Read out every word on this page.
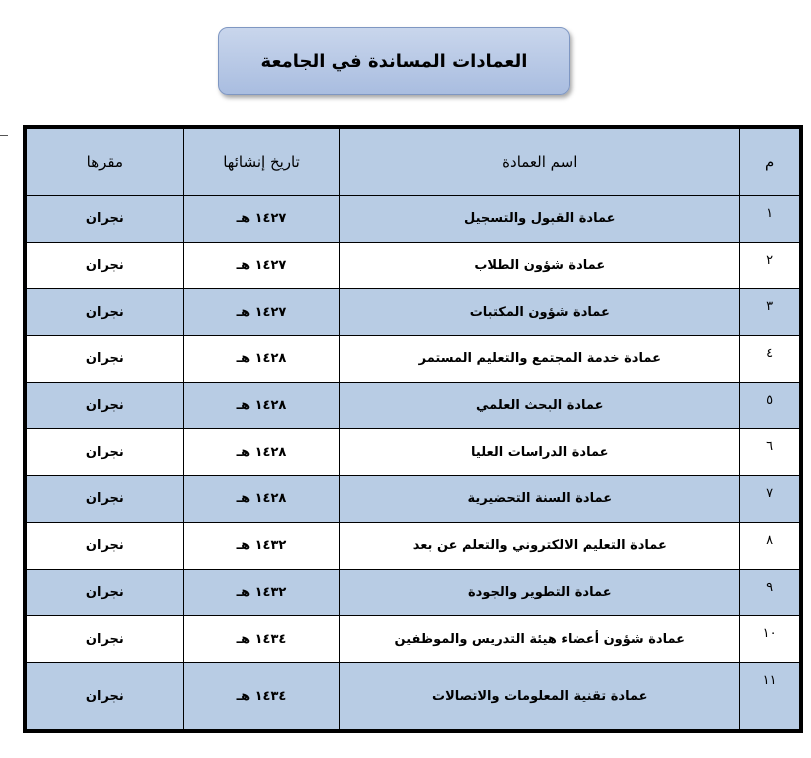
العمادات المساندة في الجامعة
م	اسم العمادة	تاريخ إنشائها	مقرها
١	عمادة القبول والتسجيل	١٤٢٧ هـ	نجران
٢	عمادة شؤون الطلاب	١٤٢٧ هـ	نجران
٣	عمادة شؤون المكتبات	١٤٢٧ هـ	نجران
٤	عمادة خدمة المجتمع والتعليم المستمر	١٤٢٨ هـ	نجران
٥	عمادة البحث العلمي	١٤٢٨ هـ	نجران
٦	عمادة الدراسات العليا	١٤٢٨ هـ	نجران
٧	عمادة السنة التحضيرية	١٤٢٨ هـ	نجران
٨	عمادة التعليم الالكتروني والتعلم عن بعد	١٤٣٢ هـ	نجران
٩	عمادة التطوير والجودة	١٤٣٢ هـ	نجران
١٠	عمادة شؤون أعضاء هيئة التدريس والموظفين	١٤٣٤ هـ	نجران
١١	عمادة تقنية المعلومات والاتصالات	١٤٣٤ هـ	نجران
